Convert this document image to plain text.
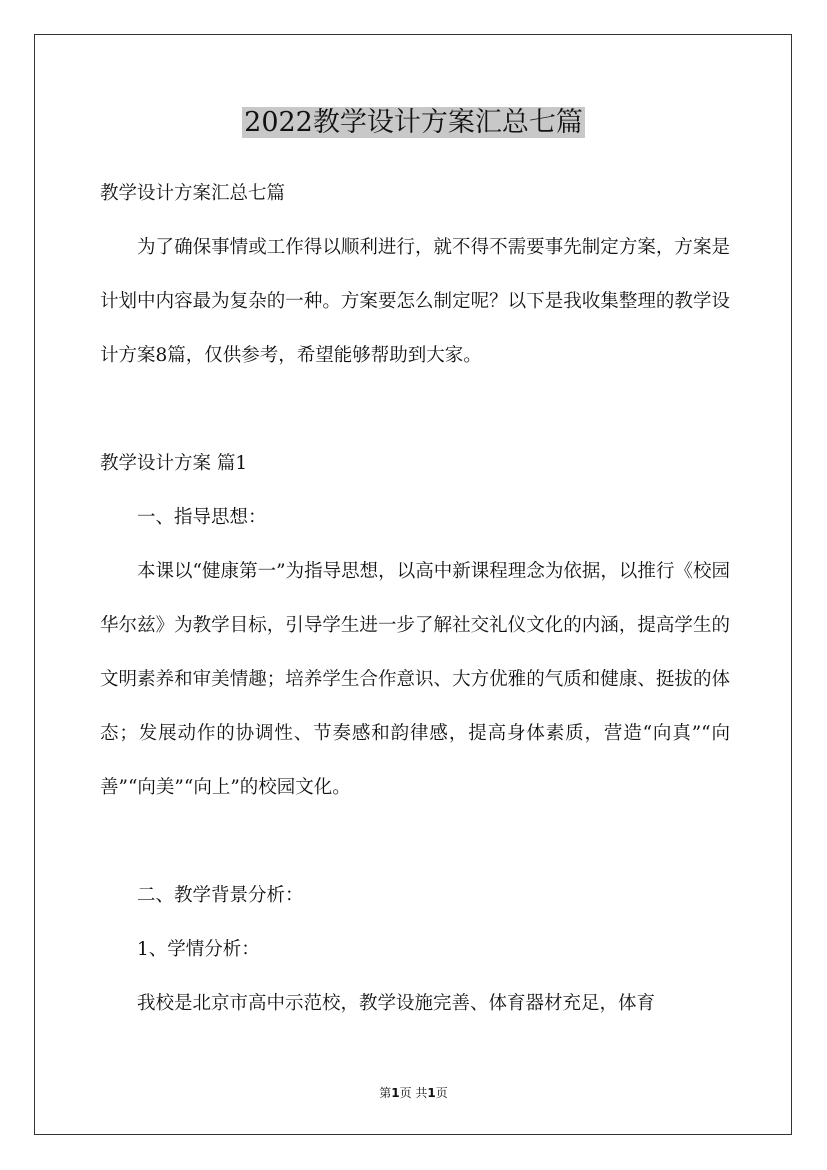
2022教学设计方案汇总七篇

教学设计方案汇总七篇

为了确保事情或工作得以顺利进行，就不得不需要事先制定方案，方案是计划中内容最为复杂的一种。方案要怎么制定呢？以下是我收集整理的教学设计方案8篇，仅供参考，希望能够帮助到大家。

教学设计方案 篇1

一、指导思想：

本课以“健康第一”为指导思想，以高中新课程理念为依据，以推行《校园华尔兹》为教学目标，引导学生进一步了解社交礼仪文化的内涵，提高学生的文明素养和审美情趣；培养学生合作意识、大方优雅的气质和健康、挺拔的体态；发展动作的协调性、节奏感和韵律感，提高身体素质，营造“向真”“向善”“向美”“向上”的校园文化。

二、教学背景分析：

1、学情分析：

我校是北京市高中示范校，教学设施完善、体育器材充足，体育

第1页 共1页
